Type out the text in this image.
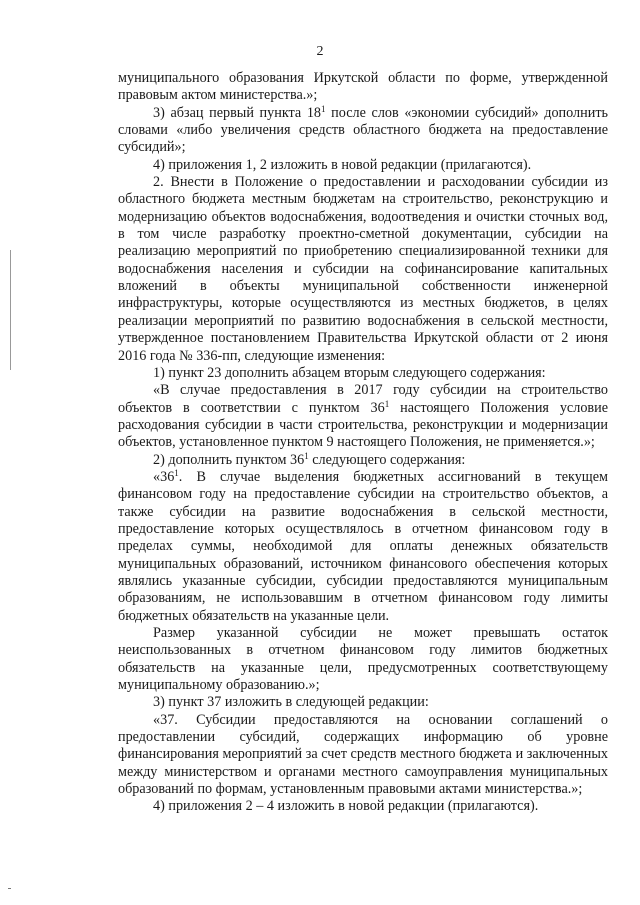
2

муниципального образования Иркутской области по форме, утвержденной правовым актом министерства.»;

3) абзац первый пункта $18^1$ после слов «экономии субсидий» дополнить словами «либо увеличения средств областного бюджета на предоставление субсидий»;

4) приложения 1, 2 изложить в новой редакции (прилагаются).

2. Внести в Положение о предоставлении и расходовании субсидии из областного бюджета местным бюджетам на строительство, реконструкцию и модернизацию объектов водоснабжения, водоотведения и очистки сточных вод, в том числе разработку проектно-сметной документации, субсидии на реализацию мероприятий по приобретению специализированной техники для водоснабжения населения и субсидии на софинансирование капитальных вложений в объекты муниципальной собственности инженерной инфраструктуры, которые осуществляются из местных бюджетов, в целях реализации мероприятий по развитию водоснабжения в сельской местности, утвержденное постановлением Правительства Иркутской области от 2 июня 2016 года № 336-пп, следующие изменения:

1) пункт 23 дополнить абзацем вторым следующего содержания:

«В случае предоставления в 2017 году субсидии на строительство объектов в соответствии с пунктом $36^1$ настоящего Положения условие расходования субсидии в части строительства, реконструкции и модернизации объектов, установленное пунктом 9 настоящего Положения, не применяется.»;

2) дополнить пунктом $36^1$ следующего содержания:

«$36^1$. В случае выделения бюджетных ассигнований в текущем финансовом году на предоставление субсидии на строительство объектов, а также субсидии на развитие водоснабжения в сельской местности, предоставление которых осуществлялось в отчетном финансовом году в пределах суммы, необходимой для оплаты денежных обязательств муниципальных образований, источником финансового обеспечения которых являлись указанные субсидии, субсидии предоставляются муниципальным образованиям, не использовавшим в отчетном финансовом году лимиты бюджетных обязательств на указанные цели.

Размер указанной субсидии не может превышать остаток неиспользованных в отчетном финансовом году лимитов бюджетных обязательств на указанные цели, предусмотренных соответствующему муниципальному образованию.»;

3) пункт 37 изложить в следующей редакции:

«37. Субсидии предоставляются на основании соглашений о предоставлении субсидий, содержащих информацию об уровне финансирования мероприятий за счет средств местного бюджета и заключенных между министерством и органами местного самоуправления муниципальных образований по формам, установленным правовыми актами министерства.»;

4) приложения 2 – 4 изложить в новой редакции (прилагаются).
